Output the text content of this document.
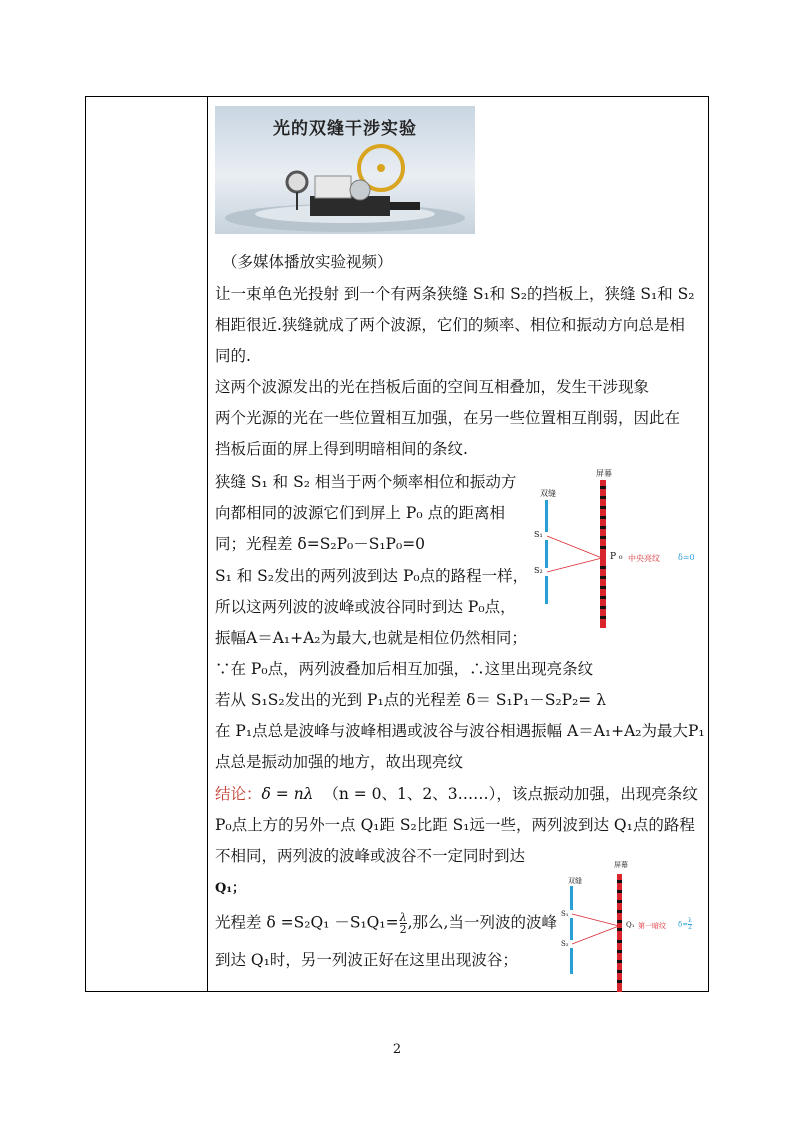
光的双缝干涉实验
（多媒体播放实验视频）
让一束单色光投射 到一个有两条狭缝 S₁和 S₂的挡板上，狭缝 S₁和 S₂
相距很近.狭缝就成了两个波源，它们的频率、相位和振动方向总是相
同的.
这两个波源发出的光在挡板后面的空间互相叠加，发生干涉现象
两个光源的光在一些位置相互加强，在另一些位置相互削弱，因此在
挡板后面的屏上得到明暗相间的条纹.
狭缝 S₁ 和 S₂ 相当于两个频率相位和振动方
向都相同的波源它们到屏上 P₀ 点的距离相
同；光程差 δ=S₂P₀－S₁P₀=0
S₁ 和 S₂发出的两列波到达 P₀点的路程一样，
所以这两列波的波峰或波谷同时到达 P₀点，
振幅A＝A₁+A₂为最大,也就是相位仍然相同；
∵在 P₀点，两列波叠加后相互加强，∴这里出现亮条纹
若从 S₁S₂发出的光到 P₁点的光程差 δ＝ S₁P₁－S₂P₂= λ
在 P₁点总是波峰与波峰相遇或波谷与波谷相遇振幅 A＝A₁+A₂为最大P₁
点总是振动加强的地方，故出现亮纹
结论：δ = nλ （n = 0、1、2、3……），该点振动加强，出现亮条纹
P₀点上方的另外一点 Q₁距 S₂比距 S₁远一些，两列波到达 Q₁点的路程
不相同，两列波的波峰或波谷不一定同时到达
Q₁；
光程差 $\delta =S_2Q_1 -S_1Q_1= \frac{\lambda}{2}$ ,那么,当一列波的波峰
到达 Q₁时，另一列波正好在这里出现波谷；
屏幕
双缝
S₁
S₂
P ₀ 中央亮纹 δ=0
屏幕
双缝
S₁
S₂
Q₁ 第一暗纹 $\delta= \frac{\lambda}{2}$
2
